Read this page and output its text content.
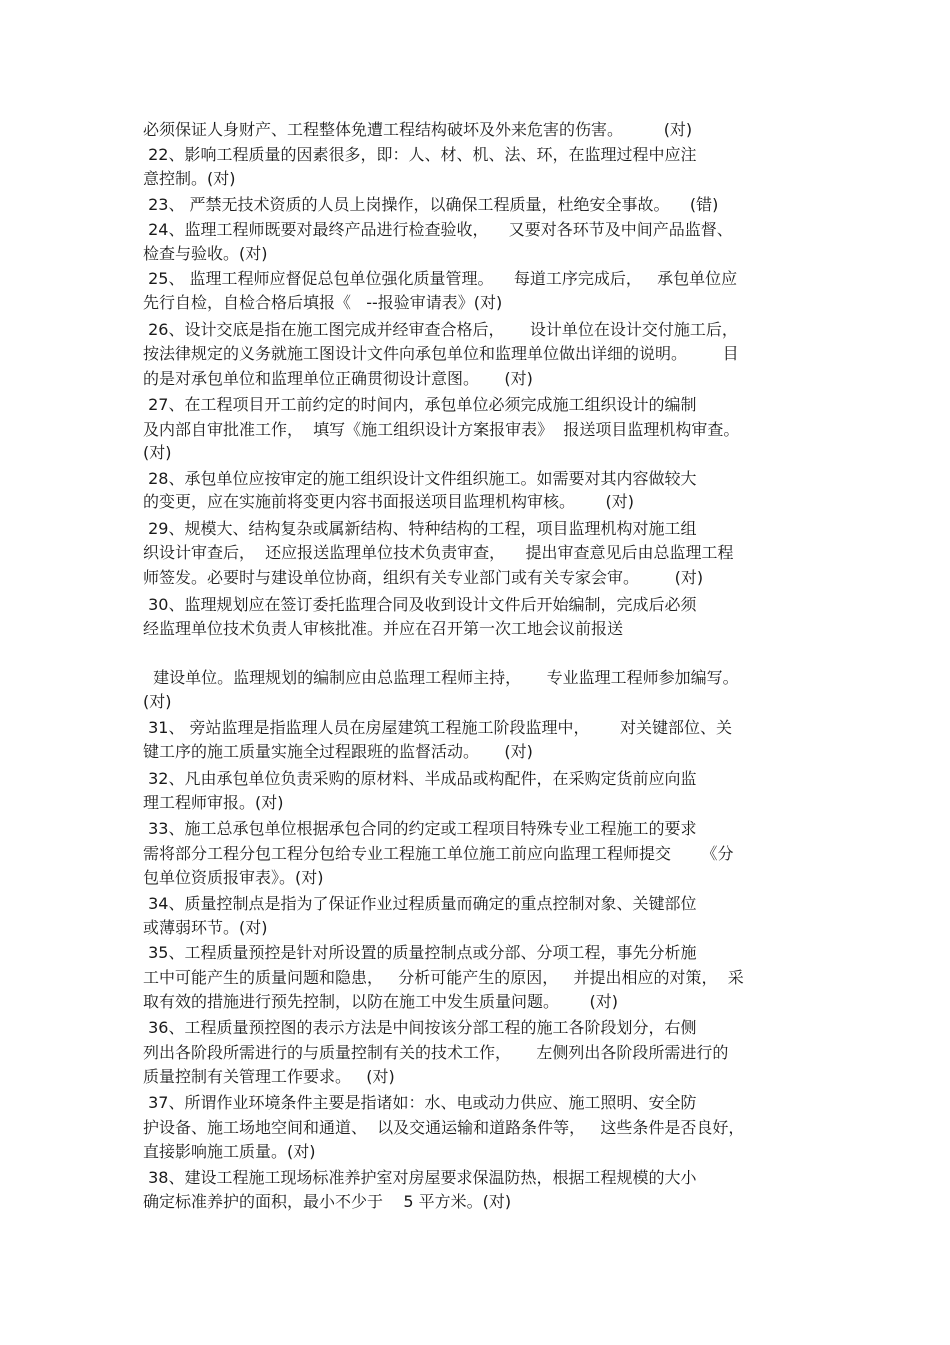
必须保证人身财产、工程整体免遭工程结构破坏及外来危害的伤害。        (对)
22、影响工程质量的因素很多，即：人、材、机、法、环，在监理过程中应注
意控制。(对)
23、 严禁无技术资质的人员上岗操作，以确保工程质量，杜绝安全事故。    (错)
24、监理工程师既要对最终产品进行检查验收，    又要对各环节及中间产品监督、
检查与验收。(对)
25、 监理工程师应督促总包单位强化质量管理。    每道工序完成后，   承包单位应
先行自检，自检合格后填报《   --报验审请表》(对)
26、设计交底是指在施工图完成并经审查合格后，     设计单位在设计交付施工后，
按法律规定的义务就施工图设计文件向承包单位和监理单位做出详细的说明。       目
的是对承包单位和监理单位正确贯彻设计意图。     (对)
27、在工程项目开工前约定的时间内，承包单位必须完成施工组织设计的编制
及内部自审批准工作，  填写《施工组织设计方案报审表》  报送项目监理机构审查。
(对)
28、承包单位应按审定的施工组织设计文件组织施工。如需要对其内容做较大
的变更，应在实施前将变更内容书面报送项目监理机构审核。      (对)
29、规模大、结构复杂或属新结构、特种结构的工程，项目监理机构对施工组
织设计审查后，  还应报送监理单位技术负责审查，    提出审查意见后由总监理工程
师签发。必要时与建设单位协商，组织有关专业部门或有关专家会审。       (对)
30、监理规划应在签订委托监理合同及收到设计文件后开始编制，完成后必须
经监理单位技术负责人审核批准。并应在召开第一次工地会议前报送
建设单位。监理规划的编制应由总监理工程师主持，     专业监理工程师参加编写。
(对)
31、 旁站监理是指监理人员在房屋建筑工程施工阶段监理中，      对关键部位、关
键工序的施工质量实施全过程跟班的监督活动。     (对)
32、凡由承包单位负责采购的原材料、半成品或构配件，在采购定货前应向监
理工程师审报。(对)
33、施工总承包单位根据承包合同的约定或工程项目特殊专业工程施工的要求
需将部分工程分包工程分包给专业工程施工单位施工前应向监理工程师提交      《分
包单位资质报审表》。(对)
34、质量控制点是指为了保证作业过程质量而确定的重点控制对象、关键部位
或薄弱环节。(对)
35、工程质量预控是针对所设置的质量控制点或分部、分项工程，事先分析施
工中可能产生的质量问题和隐患，   分析可能产生的原因，   并提出相应的对策，  采
取有效的措施进行预先控制，以防在施工中发生质量问题。      (对)
36、工程质量预控图的表示方法是中间按该分部工程的施工各阶段划分，右侧
列出各阶段所需进行的与质量控制有关的技术工作，     左侧列出各阶段所需进行的
质量控制有关管理工作要求。   (对)
37、所谓作业环境条件主要是指诸如：水、电或动力供应、施工照明、安全防
护设备、施工场地空间和通道、  以及交通运输和道路条件等，   这些条件是否良好，
直接影响施工质量。(对)
38、建设工程施工现场标准养护室对房屋要求保温防热，根据工程规模的大小
确定标准养护的面积，最小不少于    5 平方米。(对)
